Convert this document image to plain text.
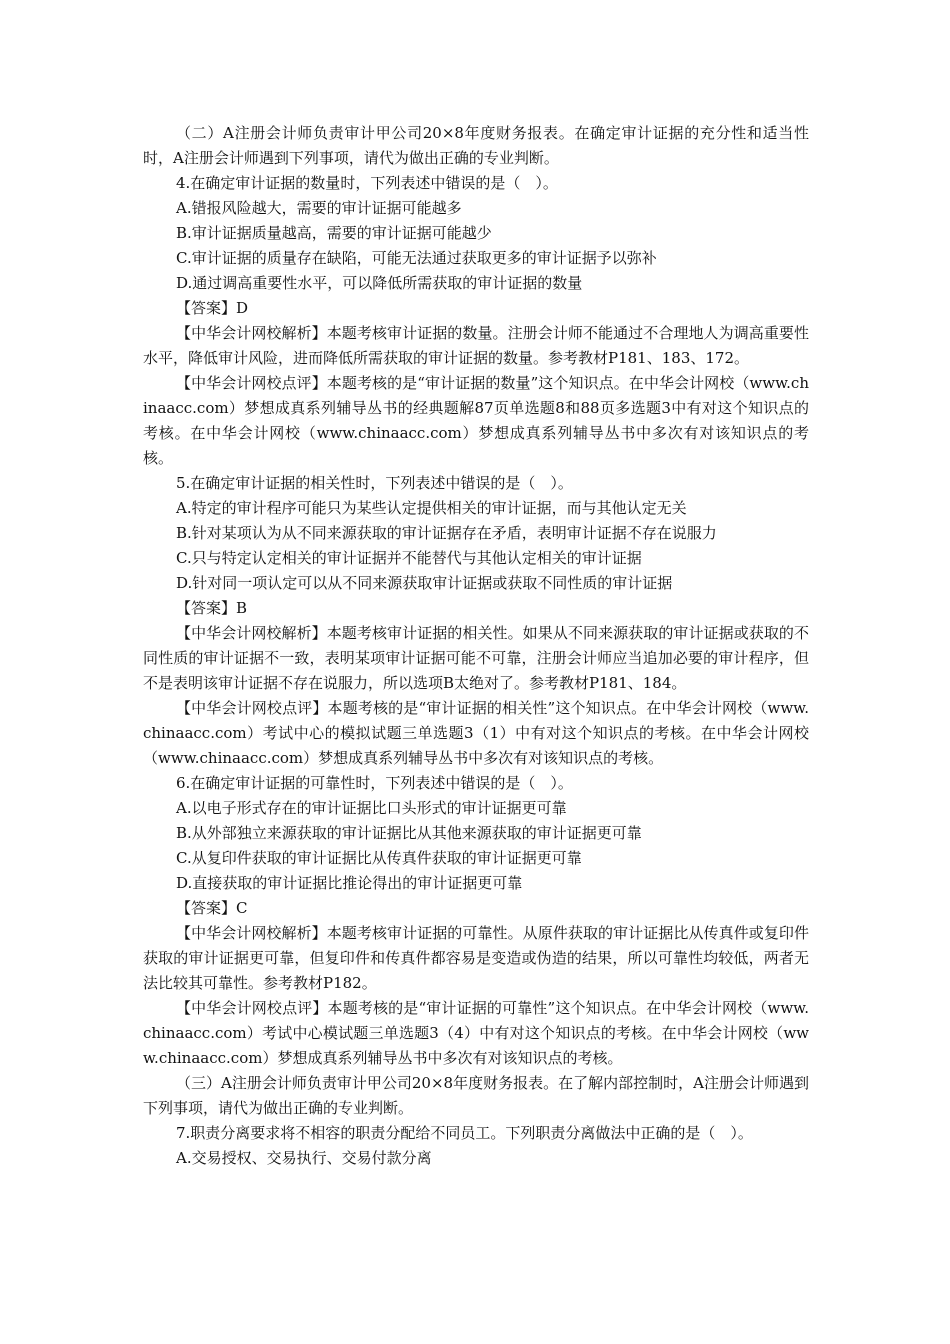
（二）A注册会计师负责审计甲公司20×8年度财务报表。在确定审计证据的充分性和适当性时，A注册会计师遇到下列事项，请代为做出正确的专业判断。

4.在确定审计证据的数量时，下列表述中错误的是（　）。

A.错报风险越大，需要的审计证据可能越多

B.审计证据质量越高，需要的审计证据可能越少

C.审计证据的质量存在缺陷，可能无法通过获取更多的审计证据予以弥补

D.通过调高重要性水平，可以降低所需获取的审计证据的数量

【答案】D

【中华会计网校解析】本题考核审计证据的数量。注册会计师不能通过不合理地人为调高重要性水平，降低审计风险，进而降低所需获取的审计证据的数量。参考教材P181、183、172。

【中华会计网校点评】本题考核的是“审计证据的数量”这个知识点。在中华会计网校（www.chinaacc.com）梦想成真系列辅导丛书的经典题解87页单选题8和88页多选题3中有对这个知识点的考核。在中华会计网校（www.chinaacc.com）梦想成真系列辅导丛书中多次有对该知识点的考核。

5.在确定审计证据的相关性时，下列表述中错误的是（　）。

A.特定的审计程序可能只为某些认定提供相关的审计证据，而与其他认定无关

B.针对某项认为从不同来源获取的审计证据存在矛盾，表明审计证据不存在说服力

C.只与特定认定相关的审计证据并不能替代与其他认定相关的审计证据

D.针对同一项认定可以从不同来源获取审计证据或获取不同性质的审计证据

【答案】B

【中华会计网校解析】本题考核审计证据的相关性。如果从不同来源获取的审计证据或获取的不同性质的审计证据不一致，表明某项审计证据可能不可靠，注册会计师应当追加必要的审计程序，但不是表明该审计证据不存在说服力，所以选项B太绝对了。参考教材P181、184。

【中华会计网校点评】本题考核的是“审计证据的相关性”这个知识点。在中华会计网校（www.chinaacc.com）考试中心的模拟试题三单选题3（1）中有对这个知识点的考核。在中华会计网校（www.chinaacc.com）梦想成真系列辅导丛书中多次有对该知识点的考核。

6.在确定审计证据的可靠性时，下列表述中错误的是（　）。

A.以电子形式存在的审计证据比口头形式的审计证据更可靠

B.从外部独立来源获取的审计证据比从其他来源获取的审计证据更可靠

C.从复印件获取的审计证据比从传真件获取的审计证据更可靠

D.直接获取的审计证据比推论得出的审计证据更可靠

【答案】C

【中华会计网校解析】本题考核审计证据的可靠性。从原件获取的审计证据比从传真件或复印件获取的审计证据更可靠，但复印件和传真件都容易是变造或伪造的结果，所以可靠性均较低，两者无法比较其可靠性。参考教材P182。

【中华会计网校点评】本题考核的是“审计证据的可靠性”这个知识点。在中华会计网校（www.chinaacc.com）考试中心模试题三单选题3（4）中有对这个知识点的考核。在中华会计网校（www.chinaacc.com）梦想成真系列辅导丛书中多次有对该知识点的考核。

（三）A注册会计师负责审计甲公司20×8年度财务报表。在了解内部控制时，A注册会计师遇到下列事项，请代为做出正确的专业判断。

7.职责分离要求将不相容的职责分配给不同员工。下列职责分离做法中正确的是（　）。

A.交易授权、交易执行、交易付款分离
